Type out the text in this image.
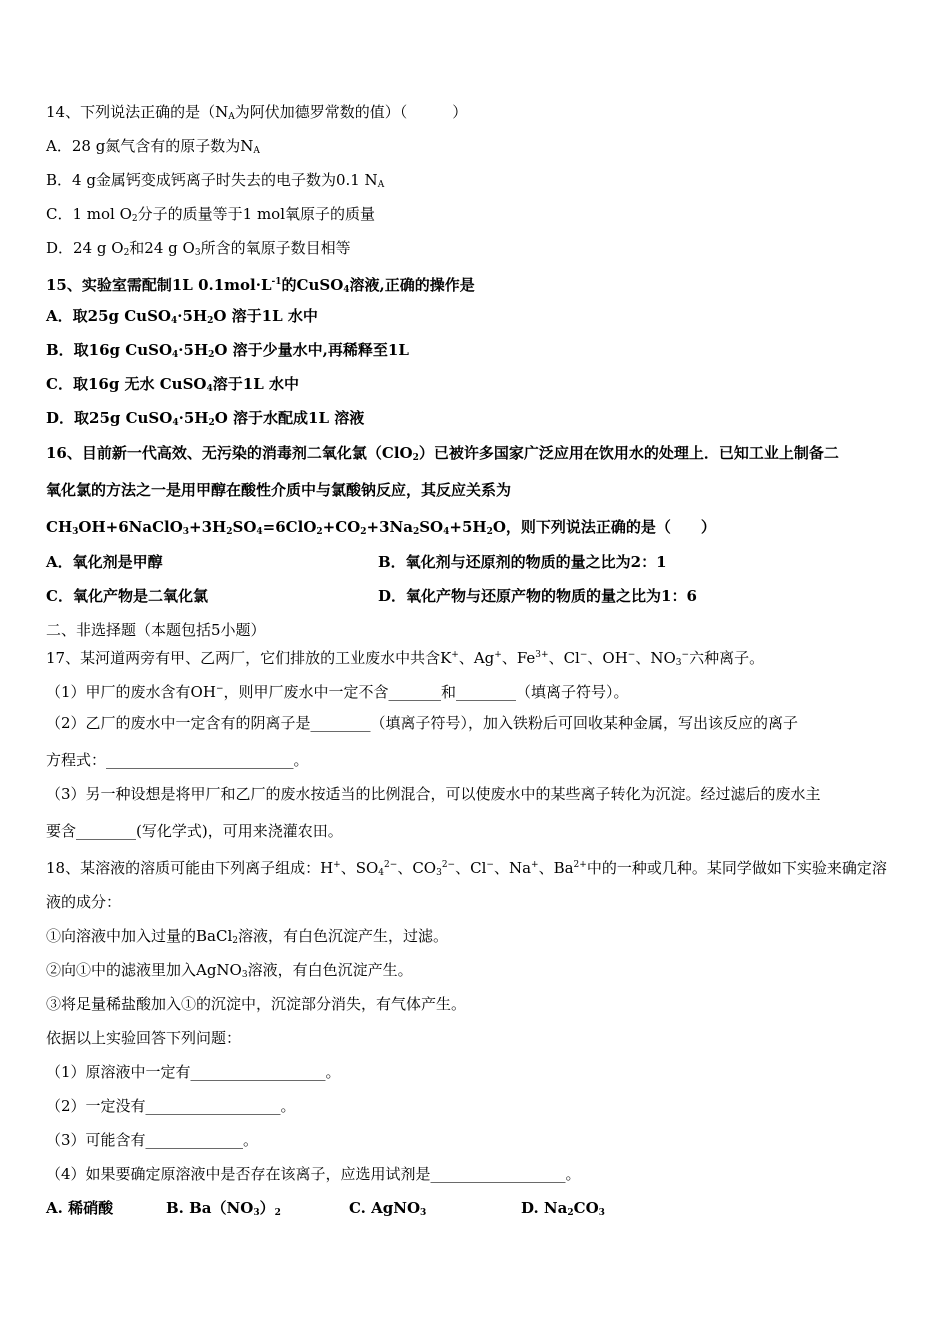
14、下列说法正确的是（$N_A$为阿伏加德罗常数的值）（　　　）
A．28 g氮气含有的原子数为$N_A$
B．4 g金属钙变成钙离子时失去的电子数为0.1 $N_A$
C．1 mol $O_2$分子的质量等于1 mol氧原子的质量
D．24 g $O_2$和24 g $O_3$所含的氧原子数目相等
15、实验室需配制1L $0.1mol\cdot L^{-1}$的CuSO$_4$溶液,正确的操作是
A．取25g $CuSO_4\cdot 5H_2O$ 溶于1L 水中
B．取16g $CuSO_4\cdot 5H_2O$ 溶于少量水中,再稀释至1L
C．取16g 无水 CuSO$_4$溶于1L 水中
D．取25g $CuSO_4\cdot 5H_2O$ 溶于水配成1L 溶液
16、目前新一代高效、无污染的消毒剂二氧化氯（ClO$_2$）已被许多国家广泛应用在饮用水的处理上．已知工业上制备二
氧化氯的方法之一是用甲醇在酸性介质中与氯酸钠反应，其反应关系为
$CH_3OH+6NaClO_3+3H_2SO_4=6ClO_2+CO_2+3Na_2SO_4+5H_2O$，则下列说法正确的是（　　）
A．氧化剂是甲醇	B．氧化剂与还原剂的物质的量之比为2：1
C．氧化产物是二氧化氯	D．氧化产物与还原产物的物质的量之比为1：6
二、非选择题（本题包括5小题）
17、某河道两旁有甲、乙两厂，它们排放的工业废水中共含K+、Ag+、$Fe^{3+}$、Cl−、OH−、$NO_3^-$六种离子。
（1）甲厂的废水含有OH−，则甲厂废水中一定不含_______和________（填离子符号）。
（2）乙厂的废水中一定含有的阴离子是________（填离子符号），加入铁粉后可回收某种金属，写出该反应的离子
方程式：_________________________。
（3）另一种设想是将甲厂和乙厂的废水按适当的比例混合，可以使废水中的某些离子转化为沉淀。经过滤后的废水主
要含________(写化学式)，可用来浇灌农田。
18、某溶液的溶质可能由下列离子组成：H+、$SO_4^{2-}$、$CO_3^{2-}$、Cl−、Na+、$Ba^{2+}$中的一种或几种。某同学做如下实验来确定溶
液的成分：
①向溶液中加入过量的BaCl$_2$溶液，有白色沉淀产生，过滤。
②向①中的滤液里加入AgNO$_3$溶液，有白色沉淀产生。
③将足量稀盐酸加入①的沉淀中，沉淀部分消失，有气体产生。
依据以上实验回答下列问题：
（1）原溶液中一定有__________________。
（2）一定没有__________________。
（3）可能含有_____________。
（4）如果要确定原溶液中是否存在该离子，应选用试剂是__________________。
A. 稀硝酸	B. $Ba(NO_3)_2$	C. AgNO$_3$	D. $Na_2CO_3$
